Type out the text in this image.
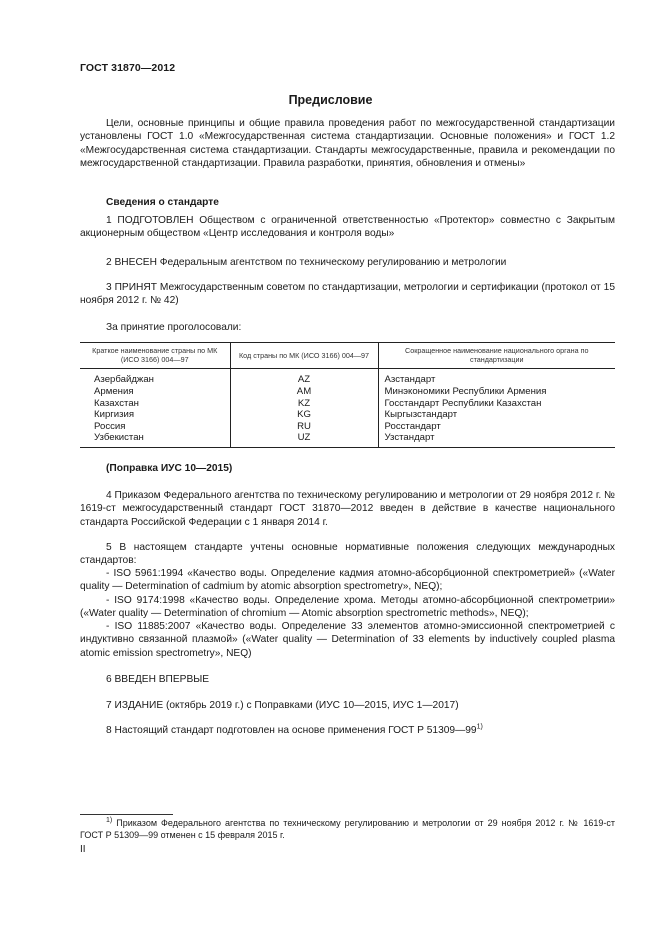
ГОСТ 31870—2012
Предисловие
Цели, основные принципы и общие правила проведения работ по межгосударственной стандартизации установлены ГОСТ 1.0 «Межгосударственная система стандартизации. Основные положения» и ГОСТ 1.2 «Межгосударственная система стандартизации. Стандарты межгосударственные, правила и рекомендации по межгосударственной стандартизации. Правила разработки, принятия, обновления и отмены»
Сведения о стандарте
1 ПОДГОТОВЛЕН Обществом с ограниченной ответственностью «Протектор» совместно с Закрытым акционерным обществом «Центр исследования и контроля воды»
2 ВНЕСЕН Федеральным агентством по техническому регулированию и метрологии
3 ПРИНЯТ Межгосударственным советом по стандартизации, метрологии и сертификации (протокол от 15 ноября 2012 г. № 42)
За принятие проголосовали:
Краткое наименование страны по МК (ИСО 3166) 004—97	Код страны по МК (ИСО 3166) 004—97	Сокращенное наименование национального органа по стандартизации
Азербайджан	AZ	Азстандарт
Армения	AM	Минэкономики Республики Армения
Казахстан	KZ	Госстандарт Республики Казахстан
Киргизия	KG	Кыргызстандарт
Россия	RU	Росстандарт
Узбекистан	UZ	Узстандарт
(Поправка ИУС 10—2015)
4 Приказом Федерального агентства по техническому регулированию и метрологии от 29 ноября 2012 г. № 1619-ст межгосударственный стандарт ГОСТ 31870—2012 введен в действие в качестве национального стандарта Российской Федерации с 1 января 2014 г.
5 В настоящем стандарте учтены основные нормативные положения следующих международных стандартов:
- ISO 5961:1994 «Качество воды. Определение кадмия атомно-абсорбционной спектрометрией» («Water quality — Determination of cadmium by atomic absorption spectrometry», NEQ);
- ISO 9174:1998 «Качество воды. Определение хрома. Методы атомно-абсорбционной спектрометрии» («Water quality — Determination of chromium — Atomic absorption spectrometric methods», NEQ);
- ISO 11885:2007 «Качество воды. Определение 33 элементов атомно-эмиссионной спектрометрией с индуктивно связанной плазмой» («Water quality — Determination of 33 elements by inductively coupled plasma atomic emission spectrometry», NEQ)
6 ВВЕДЕН ВПЕРВЫЕ
7 ИЗДАНИЕ (октябрь 2019 г.) с Поправками (ИУС 10—2015, ИУС 1—2017)
8 Настоящий стандарт подготовлен на основе применения ГОСТ Р 51309—99$^{1)}$
$^{1)}$ Приказом Федерального агентства по техническому регулированию и метрологии от 29 ноября 2012 г. № 1619-ст ГОСТ Р 51309—99 отменен с 15 февраля 2015 г.
II
